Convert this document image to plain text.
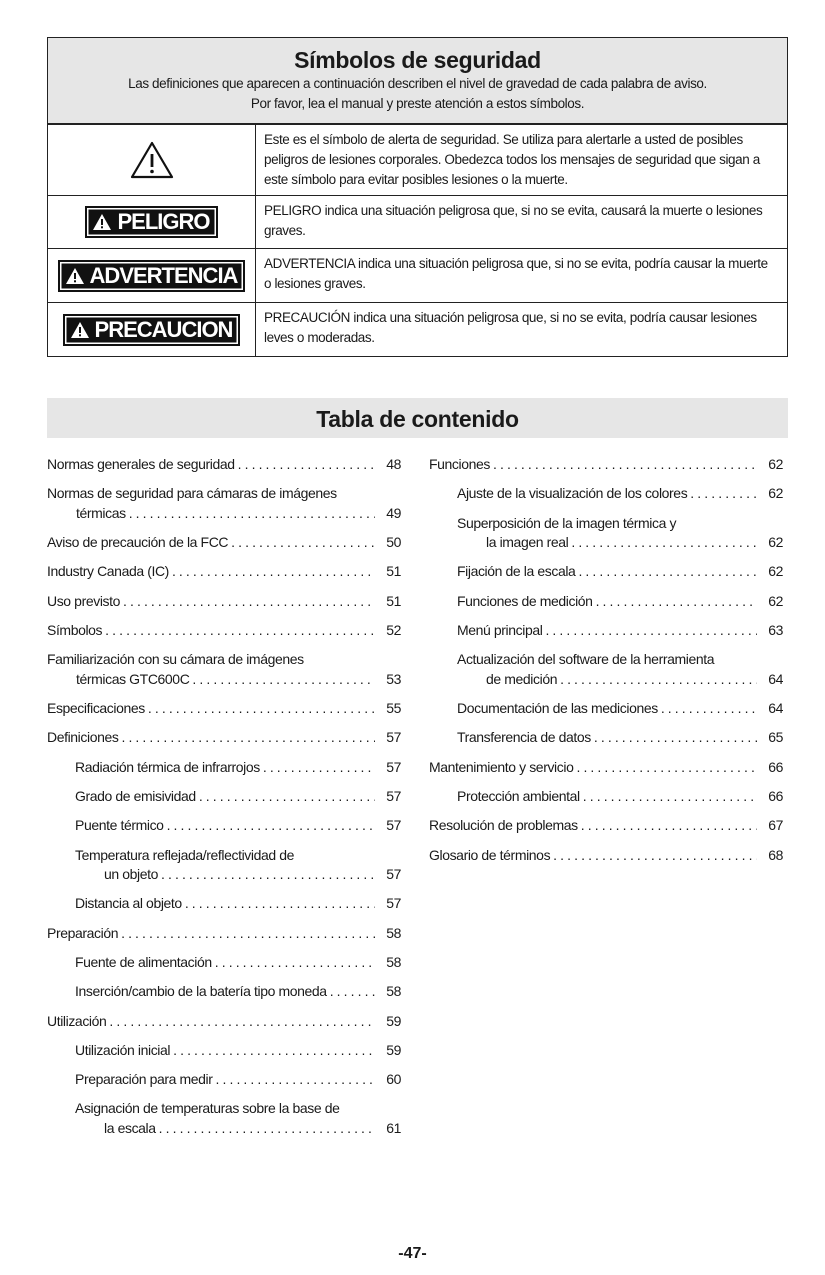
Símbolos de seguridad
Las definiciones que aparecen a continuación describen el nivel de gravedad de cada palabra de aviso.
Por favor, lea el manual y preste atención a estos símbolos.
Este es el símbolo de alerta de seguridad. Se utiliza para alertarle a usted de posibles peligros de lesiones corporales. Obedezca todos los mensajes de seguridad que sigan a este símbolo para evitar posibles lesiones o la muerte.
PELIGRO	PELIGRO indica una situación peligrosa que, si no se evita, causará la muerte o lesiones graves.
ADVERTENCIA	ADVERTENCIA indica una situación peligrosa que, si no se evita, podría causar la muerte o lesiones graves.
PRECAUCION	PRECAUCIÓN indica una situación peligrosa que, si no se evita, podría causar lesiones leves o moderadas.
Tabla de contenido
Normas generales de seguridad . . .	48
Normas de seguridad para cámaras de imágenes
térmicas . . .	49
Aviso de precaución de la FCC . . .	50
Industry Canada (IC) . . .	51
Uso previsto . . .	51
Símbolos . . .	52
Familiarización con su cámara de imágenes
térmicas GTC600C . . .	53
Especificaciones . . .	55
Definiciones . . .	57
Radiación térmica de infrarrojos . . .	57
Grado de emisividad . . .	57
Puente térmico . . .	57
Temperatura reflejada/reflectividad de
un objeto . . .	57
Distancia al objeto . . .	57
Preparación . . .	58
Fuente de alimentación . . .	58
Inserción/cambio de la batería tipo moneda . . .	58
Utilización . . .	59
Utilización inicial . . .	59
Preparación para medir . . .	60
Asignación de temperaturas sobre la base de
la escala . . .	61
Funciones . . .	62
Ajuste de la visualización de los colores . . .	62
Superposición de la imagen térmica y
la imagen real . . .	62
Fijación de la escala . . .	62
Funciones de medición . . .	62
Menú principal . . .	63
Actualización del software de la herramienta
de medición . . .	64
Documentación de las mediciones . . .	64
Transferencia de datos . . .	65
Mantenimiento y servicio . . .	66
Protección ambiental . . .	66
Resolución de problemas . . .	67
Glosario de términos . . .	68
-47-
